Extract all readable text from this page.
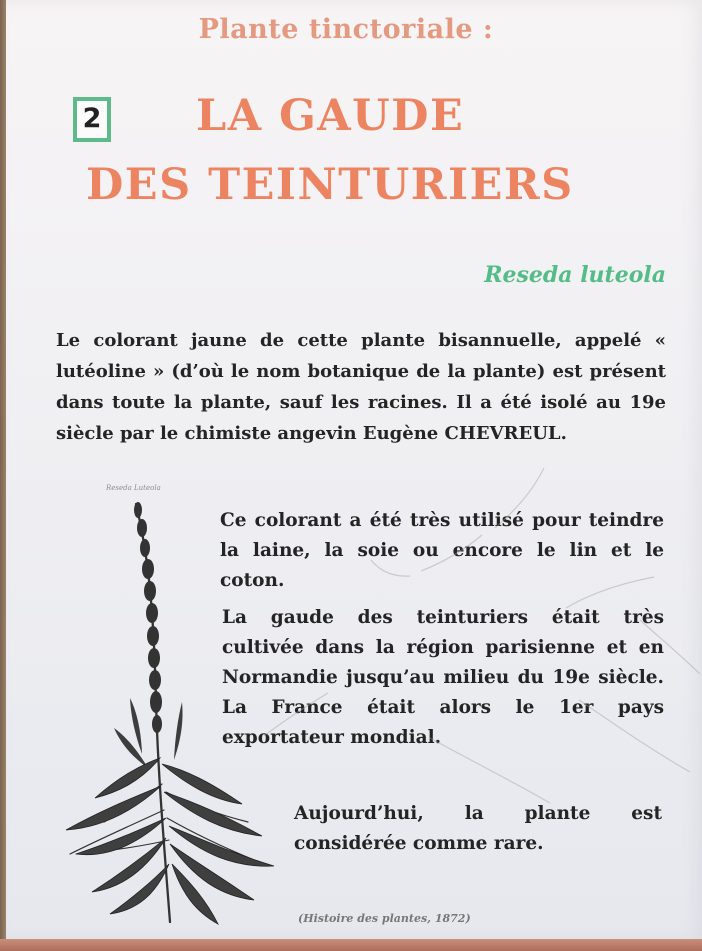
Plante tinctoriale :
2 LA GAUDE
DES TEINTURIERS
Reseda luteola
Le colorant jaune de cette plante bisannuelle, appelé « lutéoline » (d’où le nom botanique de la plante) est présent dans toute la plante, sauf les racines. Il a été isolé au 19e siècle par le chimiste angevin Eugène CHEVREUL.
Reseda Luteola
Ce colorant a été très utilisé pour teindre la laine, la soie ou encore le lin et le coton.
La gaude des teinturiers était très cultivée dans la région parisienne et en Normandie jusqu’au milieu du 19e siècle. La France était alors le 1er pays exportateur mondial.
Aujourd’hui, la plante est considérée comme rare.
(Histoire des plantes, 1872)
